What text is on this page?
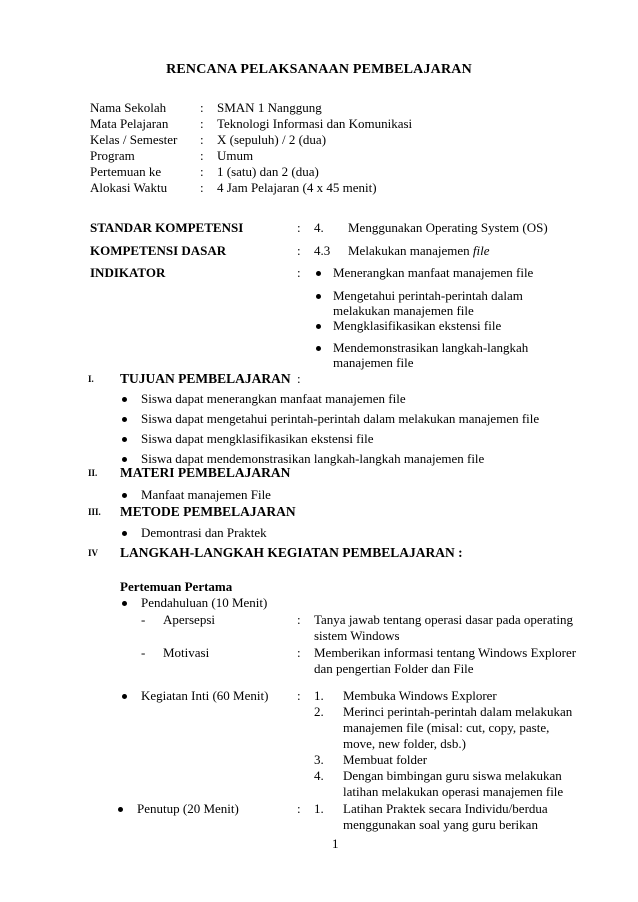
RENCANA PELAKSANAAN PEMBELAJARAN
Nama Sekolah	: SMAN 1 Nanggung
Mata Pelajaran : Teknologi Informasi dan Komunikasi
Kelas / Semester : X (sepuluh) / 2 (dua)
Program	: Umum
Pertemuan ke	: 1 (satu) dan 2 (dua)
Alokasi Waktu	: 4 Jam Pelajaran (4 x 45 menit)
STANDAR KOMPETENSI	: 4. Menggunakan Operating System (OS)
KOMPETENSI DASAR	: 4.3 Melakukan manajemen file
INDIKATOR	: Menerangkan manfaat manajemen file
Mengetahui perintah-perintah dalam
melakukan manajemen file
Mengklasifikasikan ekstensi file
Mendemonstrasikan langkah-langkah
manajemen file
I. TUJUAN PEMBELAJARAN :
Siswa dapat menerangkan manfaat manajemen file
Siswa dapat mengetahui perintah-perintah dalam melakukan manajemen file
Siswa dapat mengklasifikasikan ekstensi file
Siswa dapat mendemonstrasikan langkah-langkah manajemen file
II. MATERI PEMBELAJARAN
Manfaat manajemen File
III. METODE PEMBELAJARAN
Demontrasi dan Praktek
IV LANGKAH-LANGKAH KEGIATAN PEMBELAJARAN :
Pertemuan Pertama
Pendahuluan (10 Menit)
- Apersepsi	: Tanya jawab tentang operasi dasar pada operating
sistem Windows
- Motivasi	: Memberikan informasi tentang Windows Explorer
dan pengertian Folder dan File
Kegiatan Inti (60 Menit) : 1. Membuka Windows Explorer
2. Merinci perintah-perintah dalam melakukan
manajemen file (misal: cut, copy, paste,
move, new folder, dsb.)
3. Membuat folder
4. Dengan bimbingan guru siswa melakukan
latihan melakukan operasi manajemen file
Penutup (20 Menit)	: 1. Latihan Praktek secara Individu/berdua
menggunakan soal yang guru berikan
1
